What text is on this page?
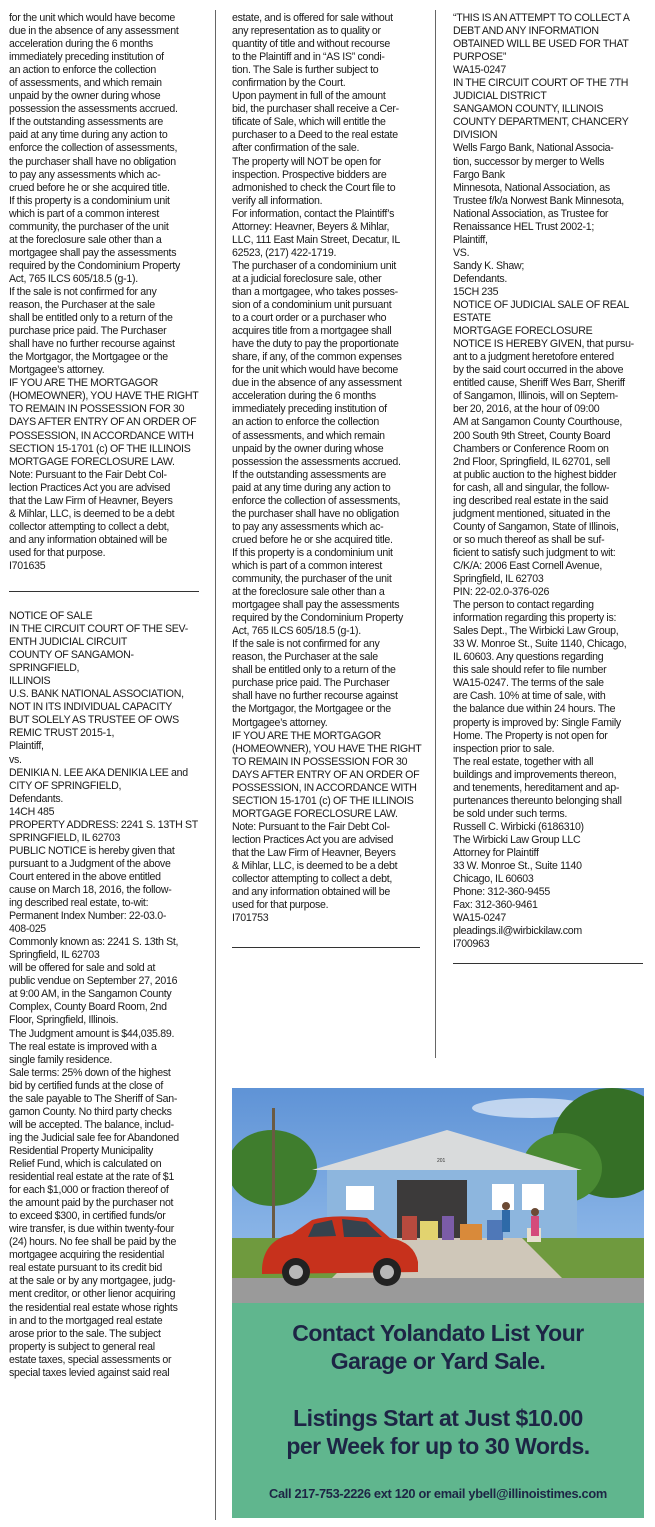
for the unit which would have become
due in the absence of any assessment
acceleration during the 6 months
immediately preceding institution of
an action to enforce the collection
of assessments, and which remain
unpaid by the owner during whose
possession the assessments accrued.
If the outstanding assessments are
paid at any time during any action to
enforce the collection of assessments,
the purchaser shall have no obligation
to pay any assessments which ac-
crued before he or she acquired title.
If this property is a condominium unit
which is part of a common interest
community, the purchaser of the unit
at the foreclosure sale other than a
mortgagee shall pay the assessments
required by the Condominium Property
Act, 765 ILCS 605/18.5 (g-1).
If the sale is not confirmed for any
reason, the Purchaser at the sale
shall be entitled only to a return of the
purchase price paid. The Purchaser
shall have no further recourse against
the Mortgagor, the Mortgagee or the
Mortgagee’s attorney.
IF YOU ARE THE MORTGAGOR
(HOMEOWNER), YOU HAVE THE RIGHT
TO REMAIN IN POSSESSION FOR 30
DAYS AFTER ENTRY OF AN ORDER OF
POSSESSION, IN ACCORDANCE WITH
SECTION 15-1701 (c) OF THE ILLINOIS
MORTGAGE FORECLOSURE LAW.
Note: Pursuant to the Fair Debt Col-
lection Practices Act you are advised
that the Law Firm of Heavner, Beyers
& Mihlar, LLC, is deemed to be a debt
collector attempting to collect a debt,
and any information obtained will be
used for that purpose.
I701635

NOTICE OF SALE
IN THE CIRCUIT COURT OF THE SEV-
ENTH JUDICIAL CIRCUIT
COUNTY OF SANGAMON-SPRINGFIELD,
ILLINOIS
U.S. BANK NATIONAL ASSOCIATION,
NOT IN ITS INDIVIDUAL CAPACITY
BUT SOLELY AS TRUSTEE OF OWS
REMIC TRUST 2015-1,
Plaintiff,
vs.
DENIKIA N. LEE AKA DENIKIA LEE and
CITY OF SPRINGFIELD,
Defendants.
14CH 485
PROPERTY ADDRESS: 2241 S. 13TH ST
SPRINGFIELD, IL 62703
PUBLIC NOTICE is hereby given that
pursuant to a Judgment of the above
Court entered in the above entitled
cause on March 18, 2016, the follow-
ing described real estate, to-wit:
Permanent Index Number: 22-03.0-
408-025
Commonly known as: 2241 S. 13th St,
Springfield, IL 62703
will be offered for sale and sold at
public vendue on September 27, 2016
at 9:00 AM, in the Sangamon County
Complex, County Board Room, 2nd
Floor, Springfield, Illinois.
The Judgment amount is $44,035.89.
The real estate is improved with a
single family residence.
Sale terms: 25% down of the highest
bid by certified funds at the close of
the sale payable to The Sheriff of San-
gamon County. No third party checks
will be accepted. The balance, includ-
ing the Judicial sale fee for Abandoned
Residential Property Municipality
Relief Fund, which is calculated on
residential real estate at the rate of $1
for each $1,000 or fraction thereof of
the amount paid by the purchaser not
to exceed $300, in certified funds/or
wire transfer, is due within twenty-four
(24) hours. No fee shall be paid by the
mortgagee acquiring the residential
real estate pursuant to its credit bid
at the sale or by any mortgagee, judg-
ment creditor, or other lienor acquiring
the residential real estate whose rights
in and to the mortgaged real estate
arose prior to the sale. The subject
property is subject to general real
estate taxes, special assessments or
special taxes levied against said real

estate, and is offered for sale without
any representation as to quality or
quantity of title and without recourse
to the Plaintiff and in “AS IS” condi-
tion. The Sale is further subject to
confirmation by the Court.
Upon payment in full of the amount
bid, the purchaser shall receive a Cer-
tificate of Sale, which will entitle the
purchaser to a Deed to the real estate
after confirmation of the sale.
The property will NOT be open for
inspection. Prospective bidders are
admonished to check the Court file to
verify all information.
For information, contact the Plaintiff’s
Attorney: Heavner, Beyers & Mihlar,
LLC, 111 East Main Street, Decatur, IL
62523, (217) 422-1719.
The purchaser of a condominium unit
at a judicial foreclosure sale, other
than a mortgagee, who takes posses-
sion of a condominium unit pursuant
to a court order or a purchaser who
acquires title from a mortgagee shall
have the duty to pay the proportionate
share, if any, of the common expenses
for the unit which would have become
due in the absence of any assessment
acceleration during the 6 months
immediately preceding institution of
an action to enforce the collection
of assessments, and which remain
unpaid by the owner during whose
possession the assessments accrued.
If the outstanding assessments are
paid at any time during any action to
enforce the collection of assessments,
the purchaser shall have no obligation
to pay any assessments which ac-
crued before he or she acquired title.
If this property is a condominium unit
which is part of a common interest
community, the purchaser of the unit
at the foreclosure sale other than a
mortgagee shall pay the assessments
required by the Condominium Property
Act, 765 ILCS 605/18.5 (g-1).
If the sale is not confirmed for any
reason, the Purchaser at the sale
shall be entitled only to a return of the
purchase price paid. The Purchaser
shall have no further recourse against
the Mortgagor, the Mortgagee or the
Mortgagee’s attorney.
IF YOU ARE THE MORTGAGOR
(HOMEOWNER), YOU HAVE THE RIGHT
TO REMAIN IN POSSESSION FOR 30
DAYS AFTER ENTRY OF AN ORDER OF
POSSESSION, IN ACCORDANCE WITH
SECTION 15-1701 (c) OF THE ILLINOIS
MORTGAGE FORECLOSURE LAW.
Note: Pursuant to the Fair Debt Col-
lection Practices Act you are advised
that the Law Firm of Heavner, Beyers
& Mihlar, LLC, is deemed to be a debt
collector attempting to collect a debt,
and any information obtained will be
used for that purpose.
I701753

“THIS IS AN ATTEMPT TO COLLECT A
DEBT AND ANY INFORMATION
OBTAINED WILL BE USED FOR THAT
PURPOSE”
WA15-0247
IN THE CIRCUIT COURT OF THE 7TH
JUDICIAL DISTRICT
SANGAMON COUNTY, ILLINOIS
COUNTY DEPARTMENT, CHANCERY
DIVISION
Wells Fargo Bank, National Associa-
tion, successor by merger to Wells
Fargo Bank
Minnesota, National Association, as
Trustee f/k/a Norwest Bank Minnesota,
National Association, as Trustee for
Renaissance HEL Trust 2002-1;
Plaintiff,
VS.
Sandy K. Shaw;
Defendants.
15CH 235
NOTICE OF JUDICIAL SALE OF REAL
ESTATE
MORTGAGE FORECLOSURE
NOTICE IS HEREBY GIVEN, that pursu-
ant to a judgment heretofore entered
by the said court occurred in the above
entitled cause, Sheriff Wes Barr, Sheriff
of Sangamon, Illinois, will on Septem-
ber 20, 2016, at the hour of 09:00
AM at Sangamon County Courthouse,
200 South 9th Street, County Board
Chambers or Conference Room on
2nd Floor, Springfield, IL 62701, sell
at public auction to the highest bidder
for cash, all and singular, the follow-
ing described real estate in the said
judgment mentioned, situated in the
County of Sangamon, State of Illinois,
or so much thereof as shall be suf-
ficient to satisfy such judgment to wit:
C/K/A: 2006 East Cornell Avenue,
Springfield, IL 62703
PIN: 22-02.0-376-026
The person to contact regarding
information regarding this property is:
Sales Dept., The Wirbicki Law Group,
33 W. Monroe St., Suite 1140, Chicago,
IL 60603. Any questions regarding
this sale should refer to file number
WA15-0247. The terms of the sale
are Cash. 10% at time of sale, with
the balance due within 24 hours. The
property is improved by: Single Family
Home. The Property is not open for
inspection prior to sale.
The real estate, together with all
buildings and improvements thereon,
and tenements, hereditament and ap-
purtenances thereunto belonging shall
be sold under such terms.
Russell C. Wirbicki (6186310)
The Wirbicki Law Group LLC
Attorney for Plaintiff
33 W. Monroe St., Suite 1140
Chicago, IL 60603
Phone: 312-360-9455
Fax: 312-360-9461
WA15-0247
pleadings.il@wirbickilaw.com
I700963

201
Contact Yolandato List Your
Garage or Yard Sale.
Listings Start at Just $10.00
per Week for up to 30 Words.
Call 217-753-2226 ext 120 or email ybell@illinoistimes.com
